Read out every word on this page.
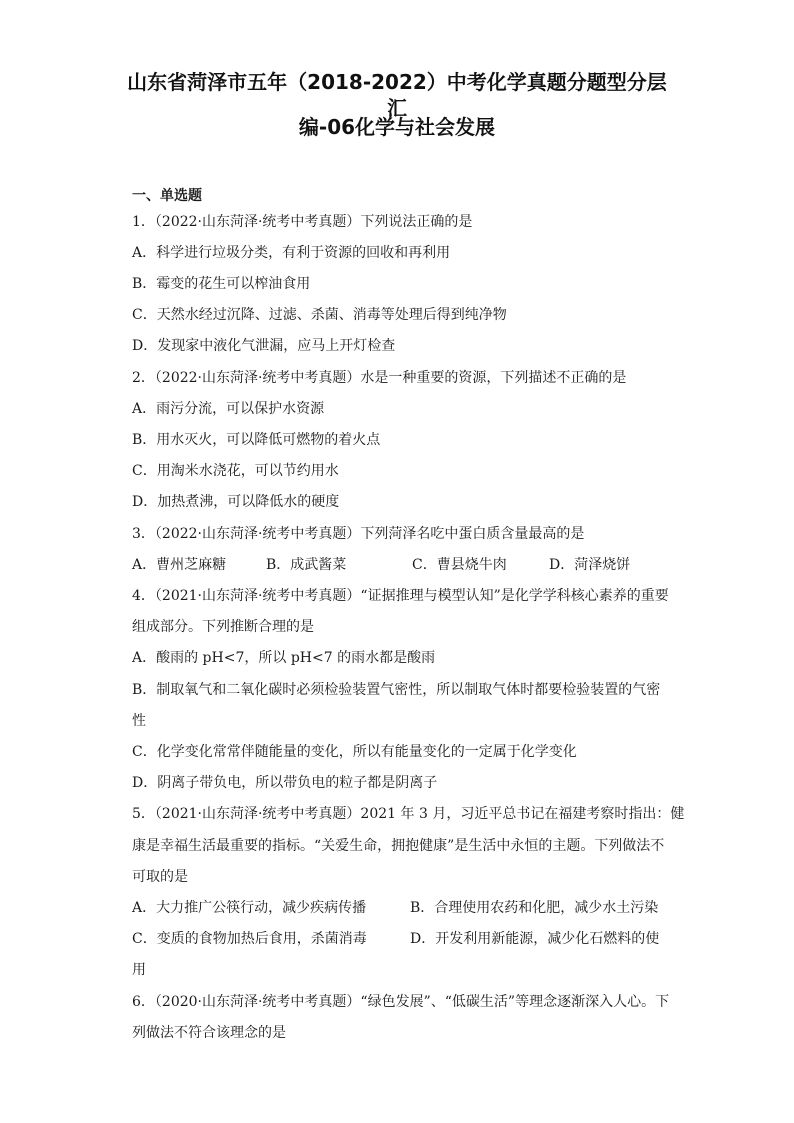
山东省菏泽市五年（2018-2022）中考化学真题分题型分层汇
编-06化学与社会发展
一、单选题
1．（2022·山东菏泽·统考中考真题）下列说法正确的是
A．科学进行垃圾分类，有利于资源的回收和再利用
B．霉变的花生可以榨油食用
C．天然水经过沉降、过滤、杀菌、消毒等处理后得到纯净物
D．发现家中液化气泄漏，应马上开灯检查
2．（2022·山东菏泽·统考中考真题）水是一种重要的资源，下列描述不正确的是
A．雨污分流，可以保护水资源
B．用水灭火，可以降低可燃物的着火点
C．用淘米水浇花，可以节约用水
D．加热煮沸，可以降低水的硬度
3．（2022·山东菏泽·统考中考真题）下列菏泽名吃中蛋白质含量最高的是
A．曹州芝麻糖	B．成武酱菜	C．曹县烧牛肉	D．菏泽烧饼
4．（2021·山东菏泽·统考中考真题）“证据推理与模型认知”是化学学科核心素养的重要
组成部分。下列推断合理的是
A．酸雨的 pH<7，所以 pH<7 的雨水都是酸雨
B．制取氧气和二氧化碳时必须检验装置气密性，所以制取气体时都要检验装置的气密
性
C．化学变化常常伴随能量的变化，所以有能量变化的一定属于化学变化
D．阴离子带负电，所以带负电的粒子都是阴离子
5．（2021·山东菏泽·统考中考真题）2021 年 3 月，习近平总书记在福建考察时指出：健
康是幸福生活最重要的指标。“关爱生命，拥抱健康”是生活中永恒的主题。下列做法不
可取的是
A．大力推广公筷行动，减少疾病传播	B．合理使用农药和化肥，减少水土污染
C．变质的食物加热后食用，杀菌消毒	D．开发利用新能源，减少化石燃料的使
用
6．（2020·山东菏泽·统考中考真题）“绿色发展”、“低碳生活”等理念逐渐深入人心。下
列做法不符合该理念的是
